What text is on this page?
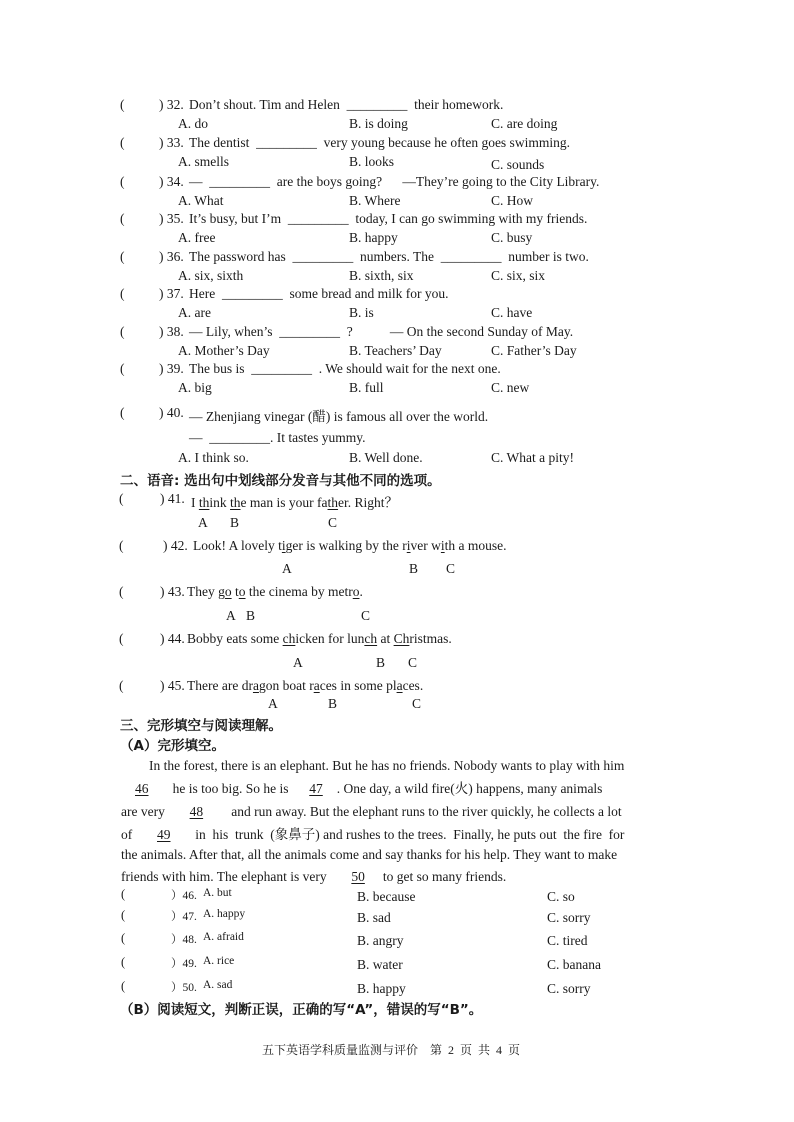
(	) 32. Don’t shout. Tim and Helen _________ their homework.
A. do	B. is doing	C. are doing
(	) 33. The dentist _________ very young because he often goes swimming.
A. smells	B. looks	C. sounds
(	) 34. — _________ are the boys going?      —They’re going to the City Library.
A. What	B. Where	C. How
(	) 35. It’s busy, but I’m _________ today, I can go swimming with my friends.
A. free	B. happy	C. busy
(	) 36. The password has _________ numbers. The  _________  number is two.
A. six, sixth	B. sixth, six	C. six, six
(	) 37. Here _________ some bread and milk for you.
A. are	B. is	C. have
(	) 38. — Lily, when’s _________ ?           — On the second Sunday of May.
A. Mother’s Day	B. Teachers’ Day	C. Father’s Day
(	) 39. The bus is _________ . We should wait for the next one.
A. big	B. full	C. new
(	) 40. — Zhenjiang vinegar (醋) is famous all over the world.
— _________. It tastes yummy.
A. I think so.	B. Well done.	C. What a pity!
二、语音: 选出句中划线部分发音与其他不同的选项。
(	) 41. I think the man is your father. Right？
A B	C
(	) 42. Look! A lovely tiger is walking by the river with a mouse.
A	B C
(	) 43. They go to the cinema by metro.
A B	C
(	) 44. Bobby eats some chicken for lunch at Christmas.
A	B C
(	) 45. There are dragon boat races in some places.
A	B	C
三、完形填空与阅读理解。
（A）完形填空。
In the forest, there is an elephant. But he has no friends. Nobody wants to play with him
46 he is too big. So he is 47 . One day, a wild fire(火) happens, many animals
are very 48 and run away. But the elephant runs to the river quickly, he collects a lot
of 49 in  his  trunk  (象鼻子) and rushes to the trees.  Finally, he puts out  the fire  for
the animals. After that, all the animals come and say thanks for his help. They want to make
friends with him. The elephant is very 50 to get so many friends.
(	）46. A. but	B. because	C. so
(	）47. A. happy	B. sad	C. sorry
(	）48. A. afraid	B. angry	C. tired
(	）49. A. rice	B. water	C. banana
(	）50. A. sad	B. happy	C. sorry
（B）阅读短文，判断正误，正确的写“A”，错误的写“B”。
五下英语学科质量监测与评价    第  2  页  共  4  页
